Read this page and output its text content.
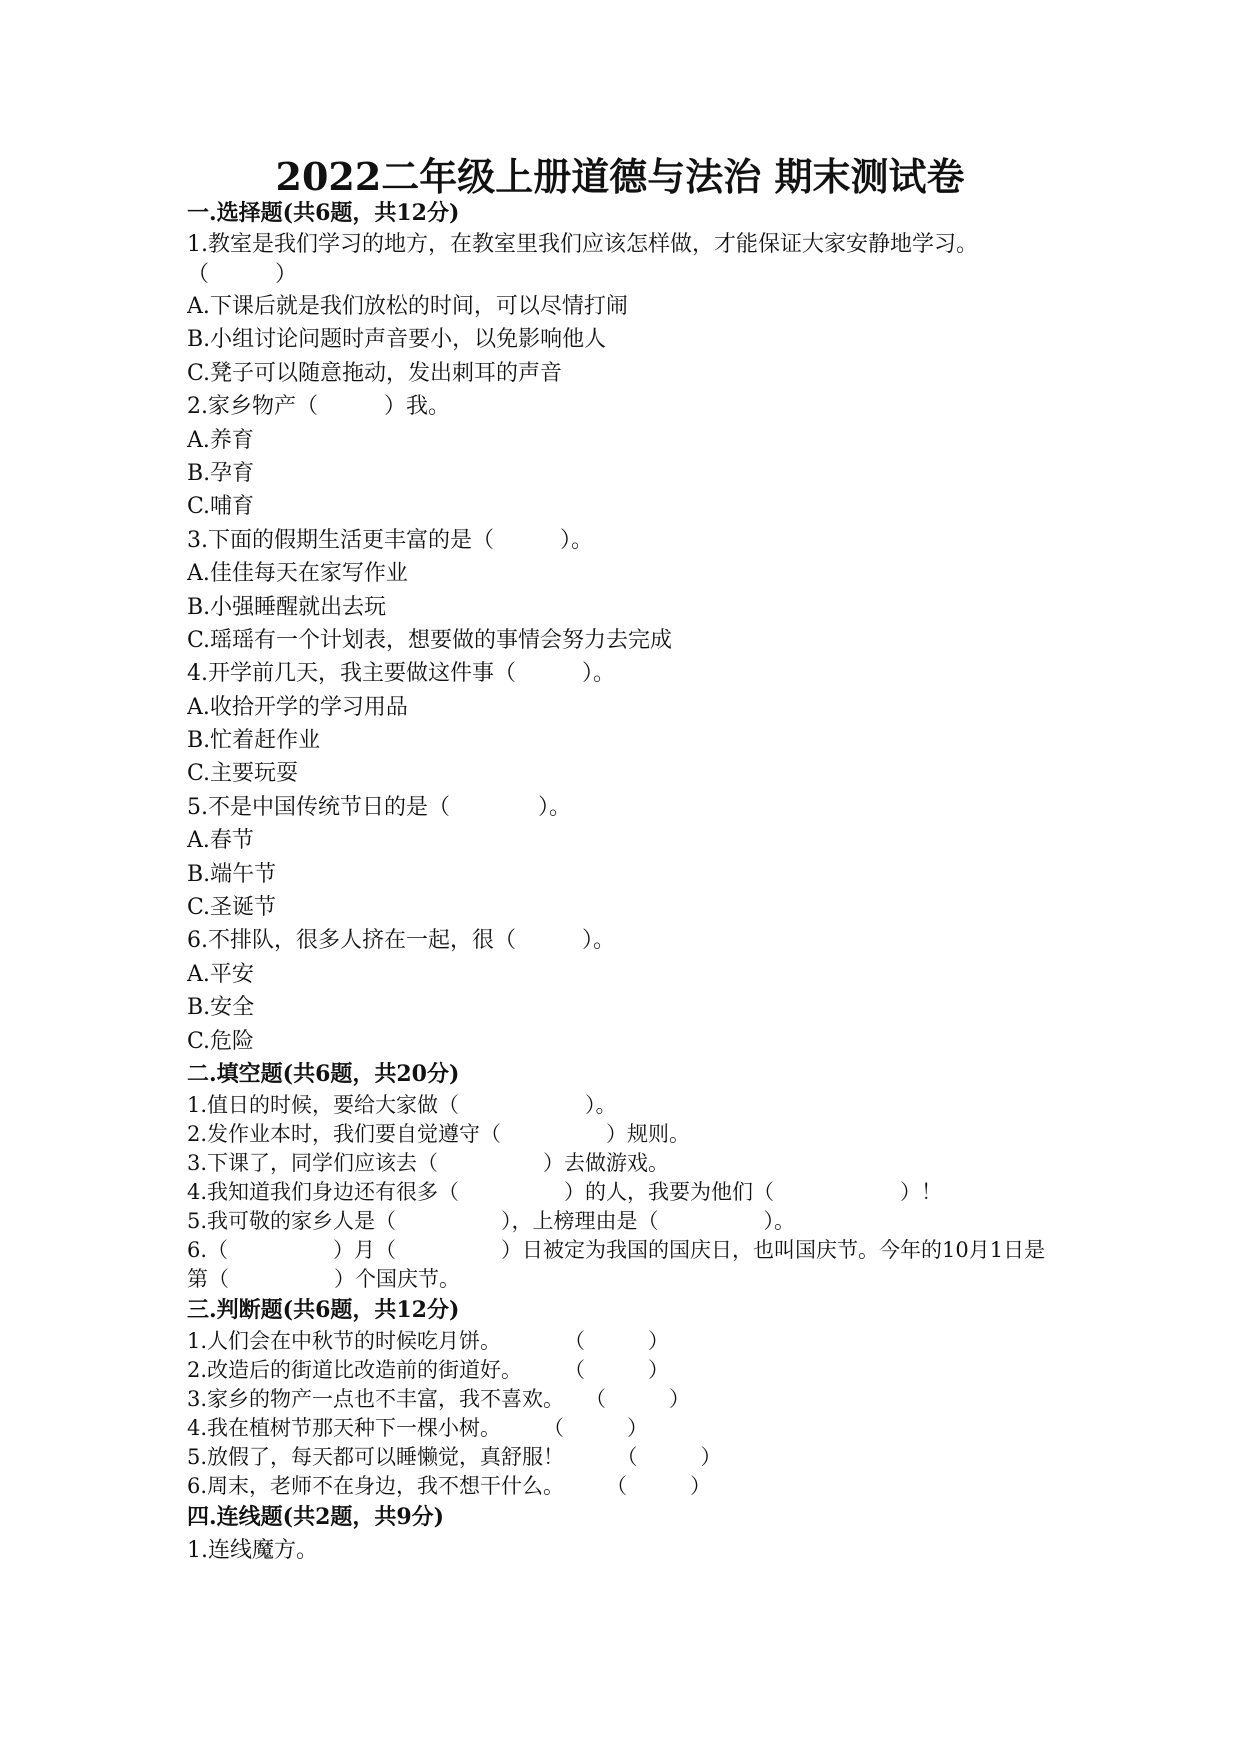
2022二年级上册道德与法治 期末测试卷
一.选择题(共6题，共12分)
1.教室是我们学习的地方，在教室里我们应该怎样做，才能保证大家安静地学习。（　　　）
A.下课后就是我们放松的时间，可以尽情打闹
B.小组讨论问题时声音要小，以免影响他人
C.凳子可以随意拖动，发出刺耳的声音
2.家乡物产（　　　）我。
A.养育
B.孕育
C.哺育
3.下面的假期生活更丰富的是（　　　）。
A.佳佳每天在家写作业
B.小强睡醒就出去玩
C.瑶瑶有一个计划表，想要做的事情会努力去完成
4.开学前几天，我主要做这件事（　　　）。
A.收拾开学的学习用品
B.忙着赶作业
C.主要玩耍
5.不是中国传统节日的是（　　　　）。
A.春节
B.端午节
C.圣诞节
6.不排队，很多人挤在一起，很（　　　）。
A.平安
B.安全
C.危险
二.填空题(共6题，共20分)
1.值日的时候，要给大家做（　　　　　　）。
2.发作业本时，我们要自觉遵守（　　　　　）规则。
3.下课了，同学们应该去（　　　　　）去做游戏。
4.我知道我们身边还有很多（　　　　　）的人，我要为他们（　　　　　　）！
5.我可敬的家乡人是（　　　　　），上榜理由是（　　　　　）。
6.（　　　　　）月（　　　　　）日被定为我国的国庆日，也叫国庆节。今年的10月1日是第（　　　　　）个国庆节。
三.判断题(共6题，共12分)
1.人们会在中秋节的时候吃月饼。　　　　（　　　）
2.改造后的街道比改造前的街道好。　　　（　　　）
3.家乡的物产一点也不丰富，我不喜欢。　　（　　　）
4.我在植树节那天种下一棵小树。　　　（　　　）
5.放假了，每天都可以睡懒觉，真舒服！　　　（　　　）
6.周末，老师不在身边，我不想干什么。　　　（　　　）
四.连线题(共2题，共9分)
1.连线魔方。
